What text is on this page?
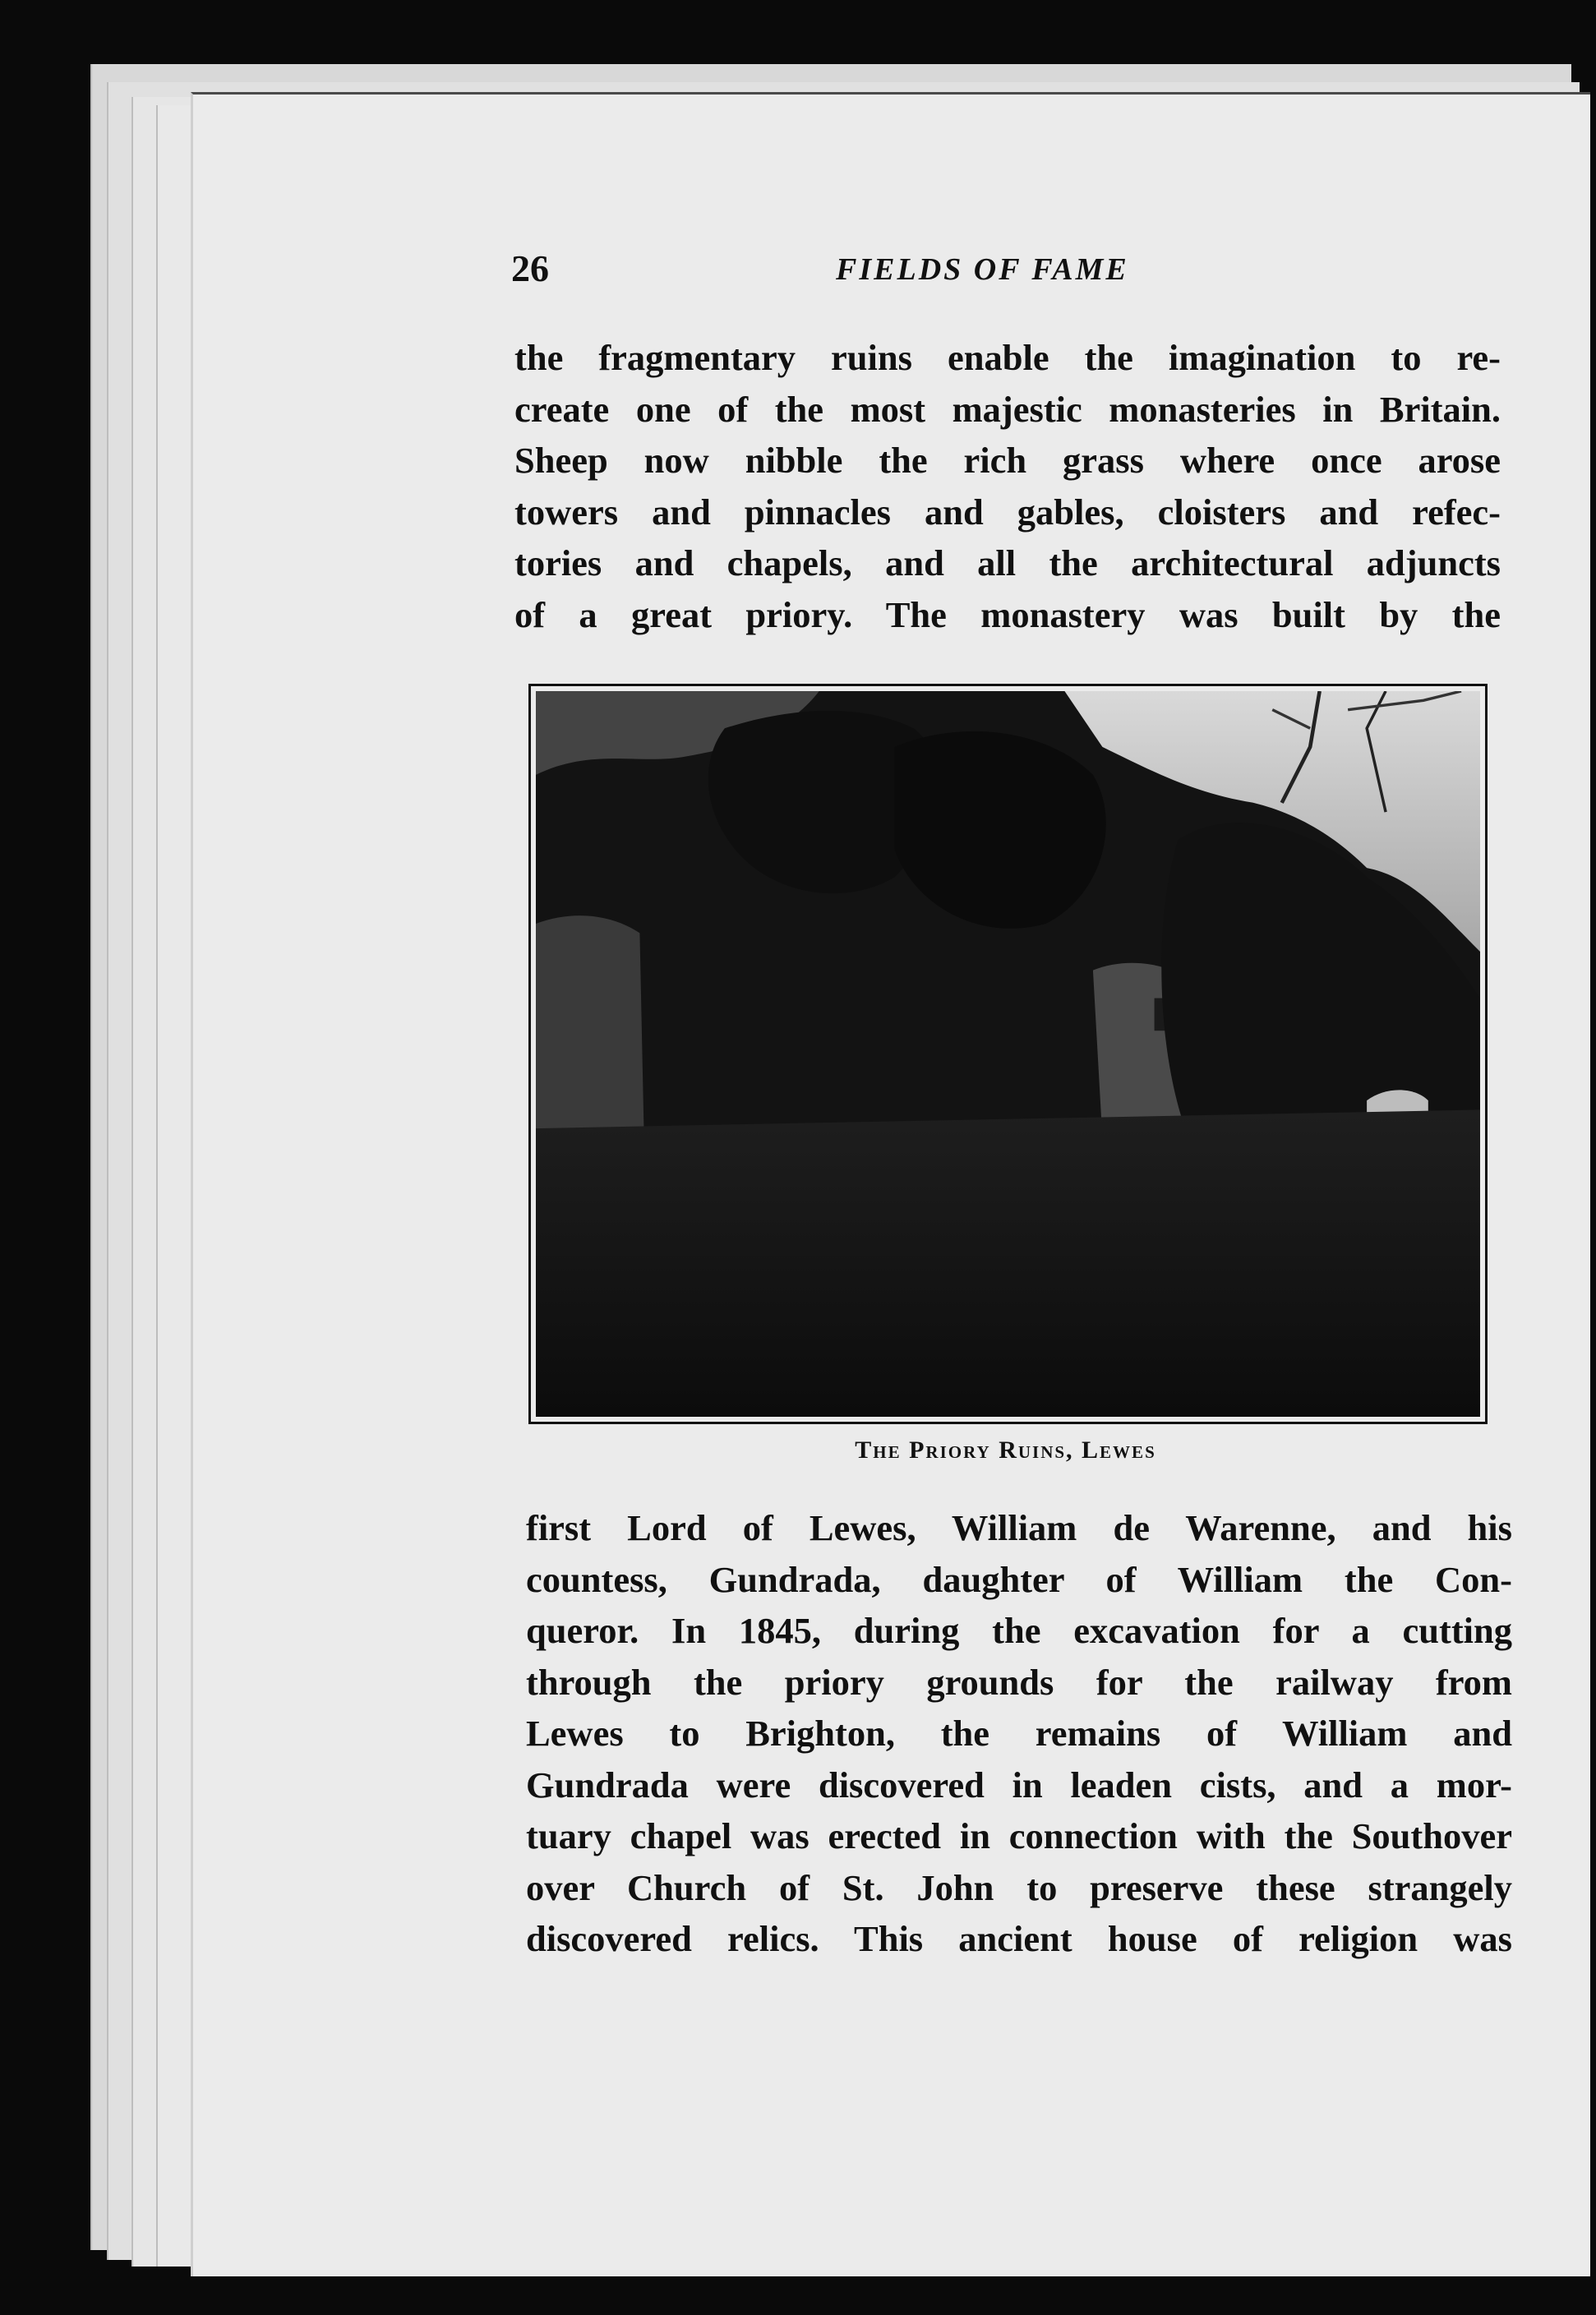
26	FIELDS OF FAME

the fragmentary ruins enable the imagination to re-

create one of the most majestic monasteries in Britain.

Sheep now nibble the rich grass where once arose

towers and pinnacles and gables, cloisters and refec-

tories and chapels, and all the architectural adjuncts

of a great priory. The monastery was built by the

The Priory Ruins, Lewes

first Lord of Lewes, William de Warenne, and his

countess, Gundrada, daughter of William the Con-

queror. In 1845, during the excavation for a cutting

through the priory grounds for the railway from

Lewes to Brighton, the remains of William and

Gundrada were discovered in leaden cists, and a mor-

tuary chapel was erected in connection with the Southover

over Church of St. John to preserve these strangely

discovered relics. This ancient house of religion was
